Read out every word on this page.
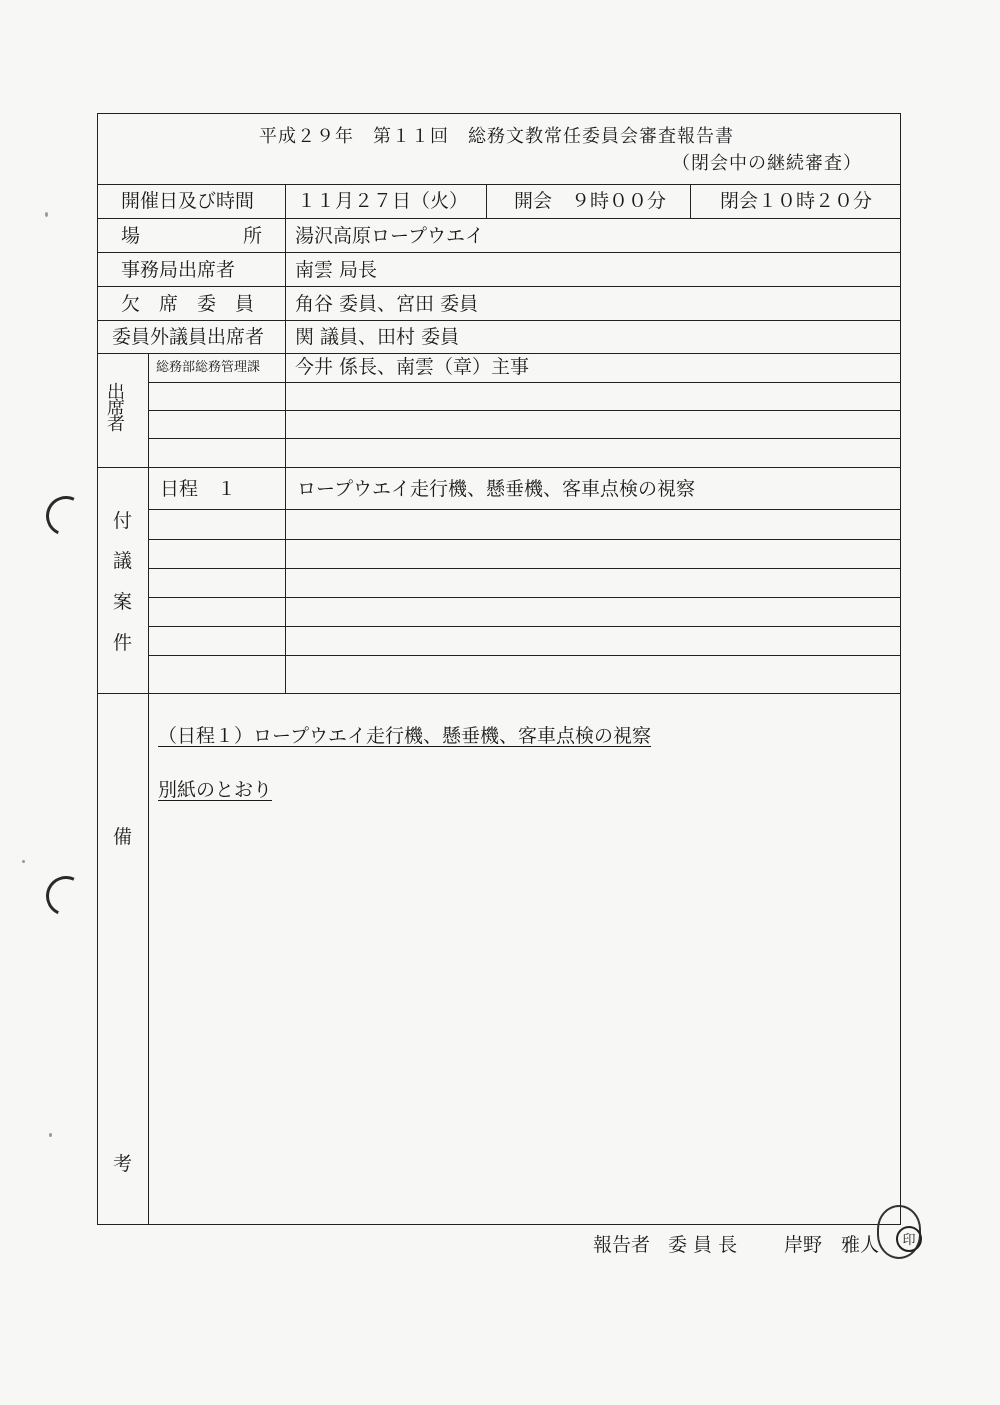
平成２９年　第１１回　総務文教常任委員会審査報告書
（閉会中の継続審査）
開催日及び時間 １１月２７日（火） 開会　９時００分	閉会１０時２０分
場	所 湯沢高原ロープウエイ
事務局出席者	南雲 局長
欠　席　委　員 角谷 委員、宮田 委員
委員外議員出席者 関 議員、田村 委員
出
席
者
総務部総務管理課 今井 係長、南雲（章）主事
付
議
案
件
日程　１	ロープウエイ走行機、懸垂機、客車点検の視察
備
考
（日程１）ロープウエイ走行機、懸垂機、客車点検の視察
別紙のとおり
報告者 委 員 長 岸野　雅人	印
